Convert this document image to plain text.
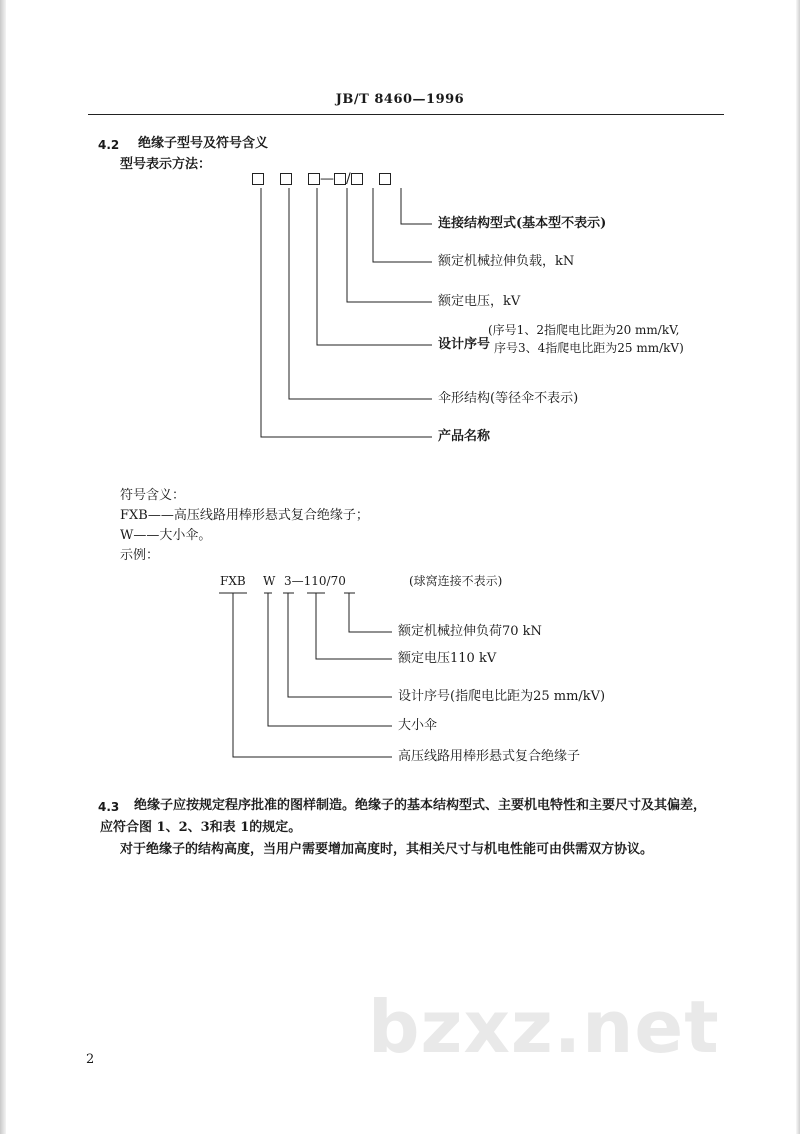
JB/T 8460—1996
4.2 绝缘子型号及符号含义
型号表示方法：
— /
连接结构型式(基本型不表示)
额定机械拉伸负载，kN
额定电压，kV
设计序号
(序号1、2指爬电比距为20 mm/kV,
序号3、4指爬电比距为25 mm/kV)
伞形结构(等径伞不表示)
产品名称
符号含义：
FXB——高压线路用棒形悬式复合绝缘子；
W——大小伞。
示例：
FXB W 3—110/70	(球窝连接不表示)
额定机械拉伸负荷70 kN
额定电压110 kV
设计序号(指爬电比距为25 mm/kV)
大小伞
高压线路用棒形悬式复合绝缘子
4.3 绝缘子应按规定程序批准的图样制造。绝缘子的基本结构型式、主要机电特性和主要尺寸及其偏差，
应符合图 1、2、3和表 1的规定。
对于绝缘子的结构高度，当用户需要增加高度时，其相关尺寸与机电性能可由供需双方协议。
bzxz.net
2
